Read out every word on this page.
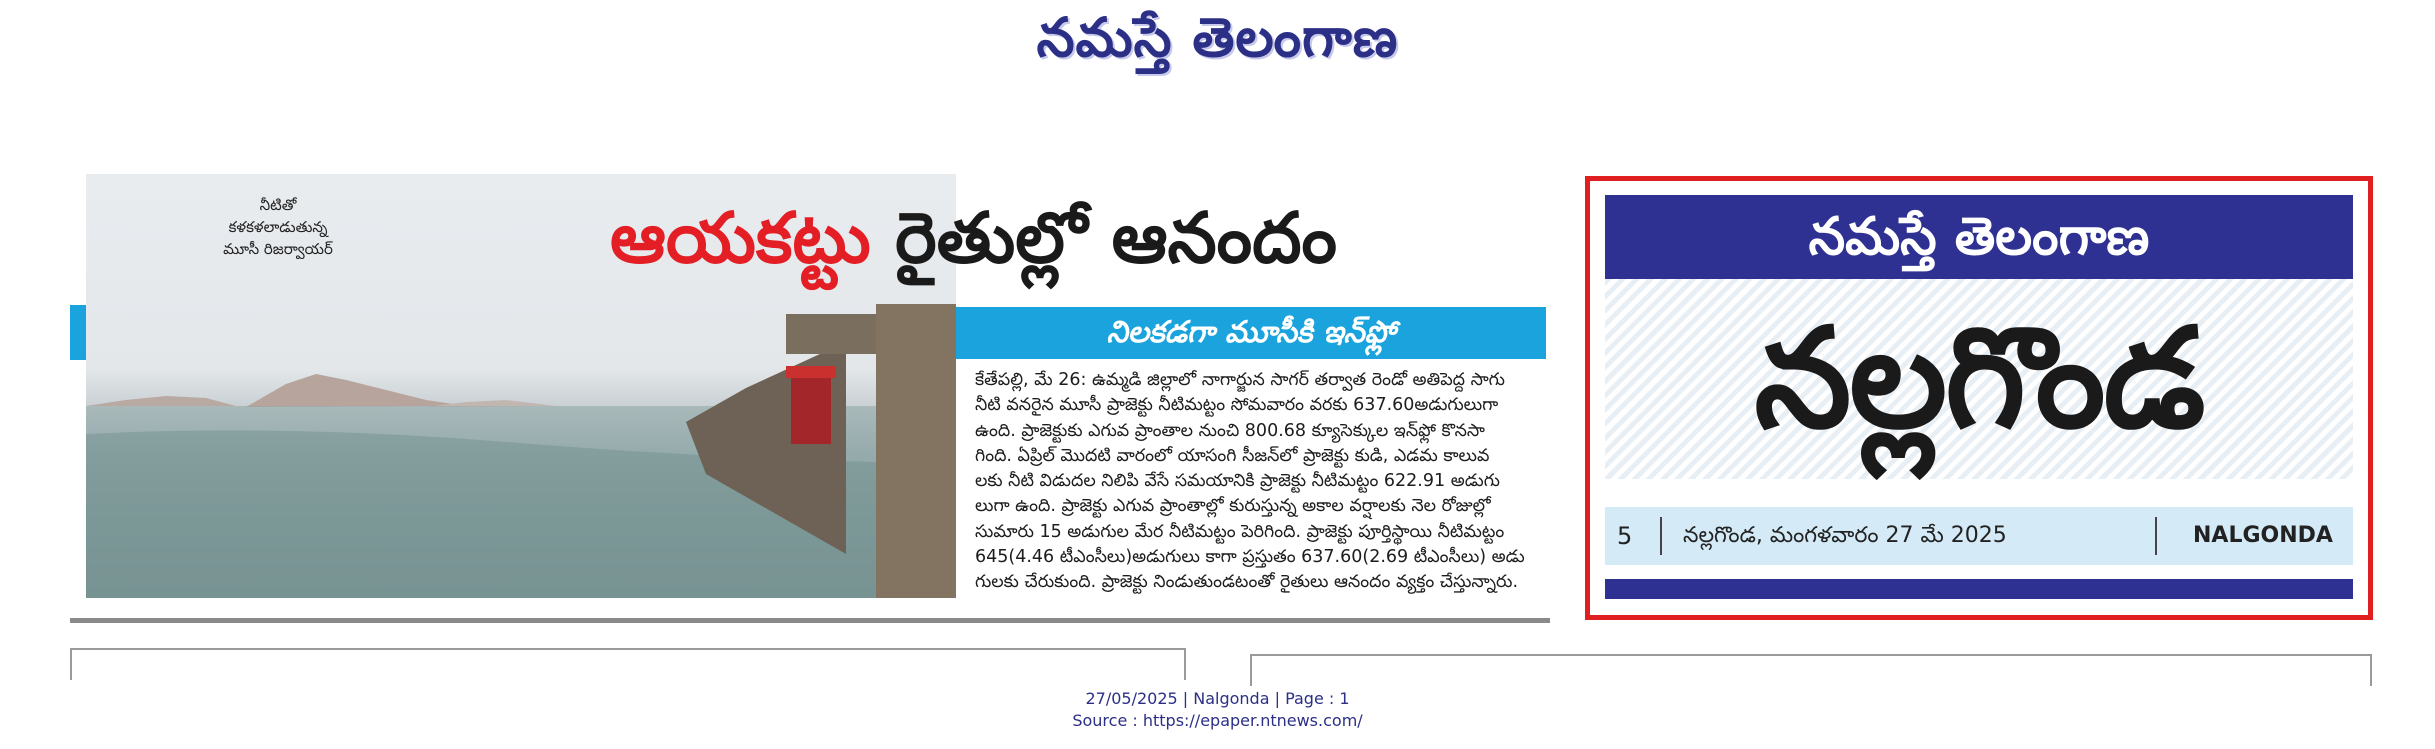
నమస్తే తెలంగాణ
నీటితో
కళకళలాడుతున్న
మూసీ రిజర్వాయర్	ఆయకట్టు రైతుల్లో ఆనందం
నిలకడగా మూసీకి ఇన్‌ఫ్లో
కేతేపల్లి, మే 26: ఉమ్మడి జిల్లాలో నాగార్జున సాగర్ తర్వాత రెండో అతిపెద్ద సాగు
నీటి వనరైన మూసీ ప్రాజెక్టు నీటిమట్టం సోమవారం వరకు 637.60అడుగులుగా
ఉంది. ప్రాజెక్టుకు ఎగువ ప్రాంతాల నుంచి 800.68 క్యూసెక్కుల ఇన్‌ఫ్లో కొనసా
గింది. ఏప్రిల్ మొదటి వారంలో యాసంగి సీజన్‌లో ప్రాజెక్టు కుడి, ఎడమ కాలువ
లకు నీటి విడుదల నిలిపి వేసే సమయానికి ప్రాజెక్టు నీటిమట్టం 622.91 అడుగు
లుగా ఉంది. ప్రాజెక్టు ఎగువ ప్రాంతాల్లో కురుస్తున్న అకాల వర్షాలకు నెల రోజుల్లో
సుమారు 15 అడుగుల మేర నీటిమట్టం పెరిగింది. ప్రాజెక్టు పూర్తిస్థాయి నీటిమట్టం
645(4.46 టీఎంసీలు)అడుగులు కాగా ప్రస్తుతం 637.60(2.69 టీఎంసీలు) అడు
గులకు చేరుకుంది. ప్రాజెక్టు నిండుతుండటంతో రైతులు ఆనందం వ్యక్తం చేస్తున్నారు.
నమస్తే తెలంగాణ
నల్లగొండ
5	నల్లగొండ, మంగళవారం 27 మే 2025	NALGONDA
27/05/2025 | Nalgonda | Page : 1
Source : https://epaper.ntnews.com/
